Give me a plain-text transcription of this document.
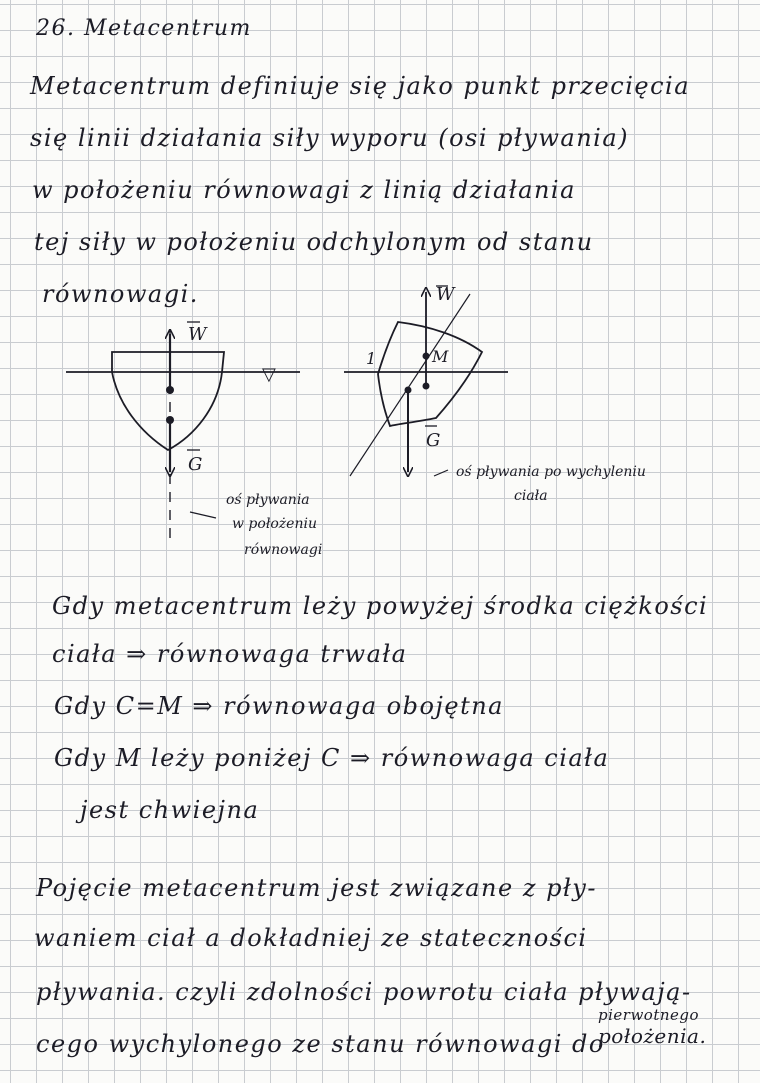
26. Metacentrum
Metacentrum definiuje się jako punkt przecięcia
się linii działania siły wyporu (osi pływania)
w położeniu równowagi z linią działania
tej siły w położeniu odchylonym od stanu
równowagi.
W
G
▽
oś pływania
w położeniu
równowagi
M
W
G
1
oś pływania po wychyleniu
ciała
Gdy metacentrum leży powyżej środka ciężkości
ciała ⇒ równowaga trwała
Gdy C=M ⇒ równowaga obojętna
Gdy M leży poniżej C ⇒ równowaga ciała
jest chwiejna
Pojęcie metacentrum jest związane z pły-
waniem ciał a dokładniej ze stateczności
pływania. czyli zdolności powrotu ciała pływają-
cego wychylonego ze stanu równowagi do
pierwotnego
położenia.
